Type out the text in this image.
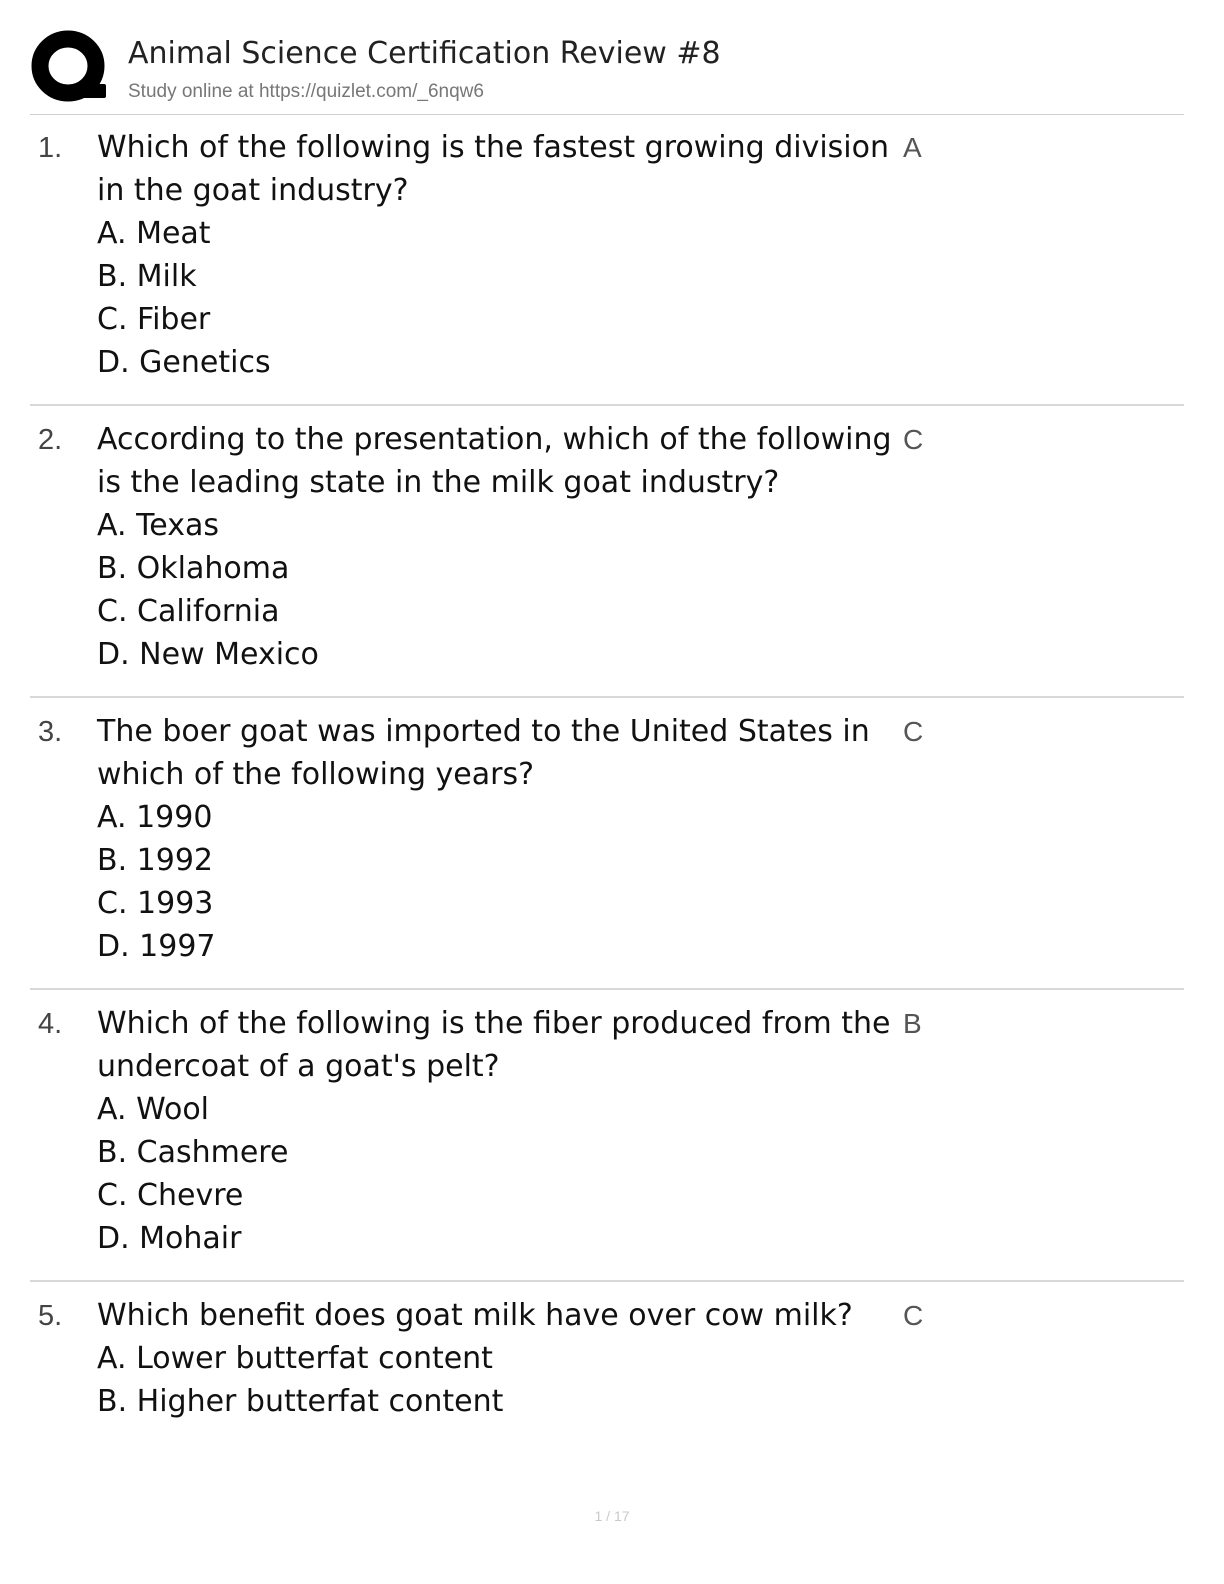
Animal Science Certification Review #8
Study online at https://quizlet.com/_6nqw6
1. Which of the following is the fastest growing division
in the goat industry?
A. Meat
B. Milk
C. Fiber
D. Genetics
A
2. According to the presentation, which of the following
is the leading state in the milk goat industry?
A. Texas
B. Oklahoma
C. California
D. New Mexico
C
3. The boer goat was imported to the United States in
which of the following years?
A. 1990
B. 1992
C. 1993
D. 1997
C
4. Which of the following is the fiber produced from the
undercoat of a goat's pelt?
A. Wool
B. Cashmere
C. Chevre
D. Mohair
B
5. Which benefit does goat milk have over cow milk?
A. Lower butterfat content
B. Higher butterfat content
C
1 / 17
